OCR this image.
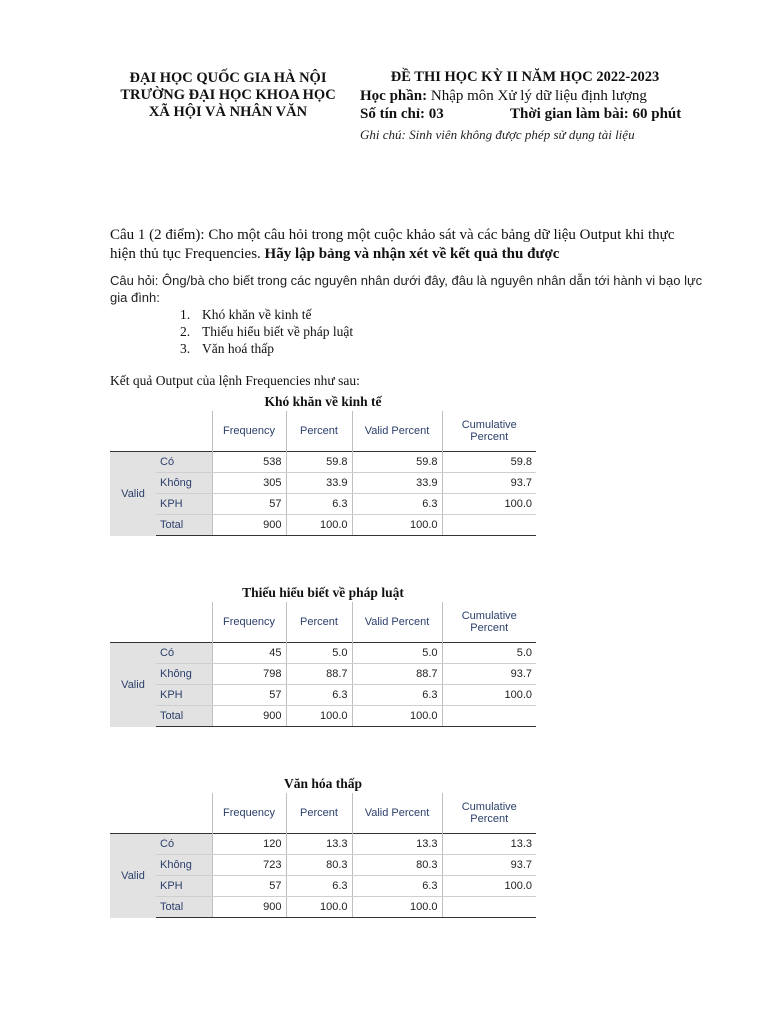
ĐẠI HỌC QUỐC GIA HÀ NỘI
TRƯỜNG ĐẠI HỌC KHOA HỌC
XÃ HỘI VÀ NHÂN VĂN
ĐỀ THI HỌC KỲ II NĂM HỌC 2022-2023
Học phần: Nhập môn Xử lý dữ liệu định lượng
Số tín chỉ: 03	Thời gian làm bài: 60 phút
Ghi chú: Sinh viên không được phép sử dụng tài liệu
Câu 1 (2 điểm): Cho một câu hỏi trong một cuộc khảo sát và các bảng dữ liệu Output khi thực hiện thủ tục Frequencies. Hãy lập bảng và nhận xét về kết quả thu được
Câu hỏi: Ông/bà cho biết trong các nguyên nhân dưới đây, đâu là nguyên nhân dẫn tới hành vi bạo lực gia đình:
1. Khó khăn về kinh tế
2. Thiếu hiểu biết về pháp luật
3. Văn hoá thấp
Kết quả Output của lệnh Frequencies như sau:
Khó khăn về kinh tế
		Frequency	Percent	Valid Percent	Cumulative Percent
Valid	Có	538	59.8	59.8	59.8
	Không	305	33.9	33.9	93.7
	KPH	57	6.3	6.3	100.0
	Total	900	100.0	100.0	
Thiếu hiểu biết về pháp luật
		Frequency	Percent	Valid Percent	Cumulative Percent
Valid	Có	45	5.0	5.0	5.0
	Không	798	88.7	88.7	93.7
	KPH	57	6.3	6.3	100.0
	Total	900	100.0	100.0	
Văn hóa thấp
		Frequency	Percent	Valid Percent	Cumulative Percent
Valid	Có	120	13.3	13.3	13.3
	Không	723	80.3	80.3	93.7
	KPH	57	6.3	6.3	100.0
	Total	900	100.0	100.0	
